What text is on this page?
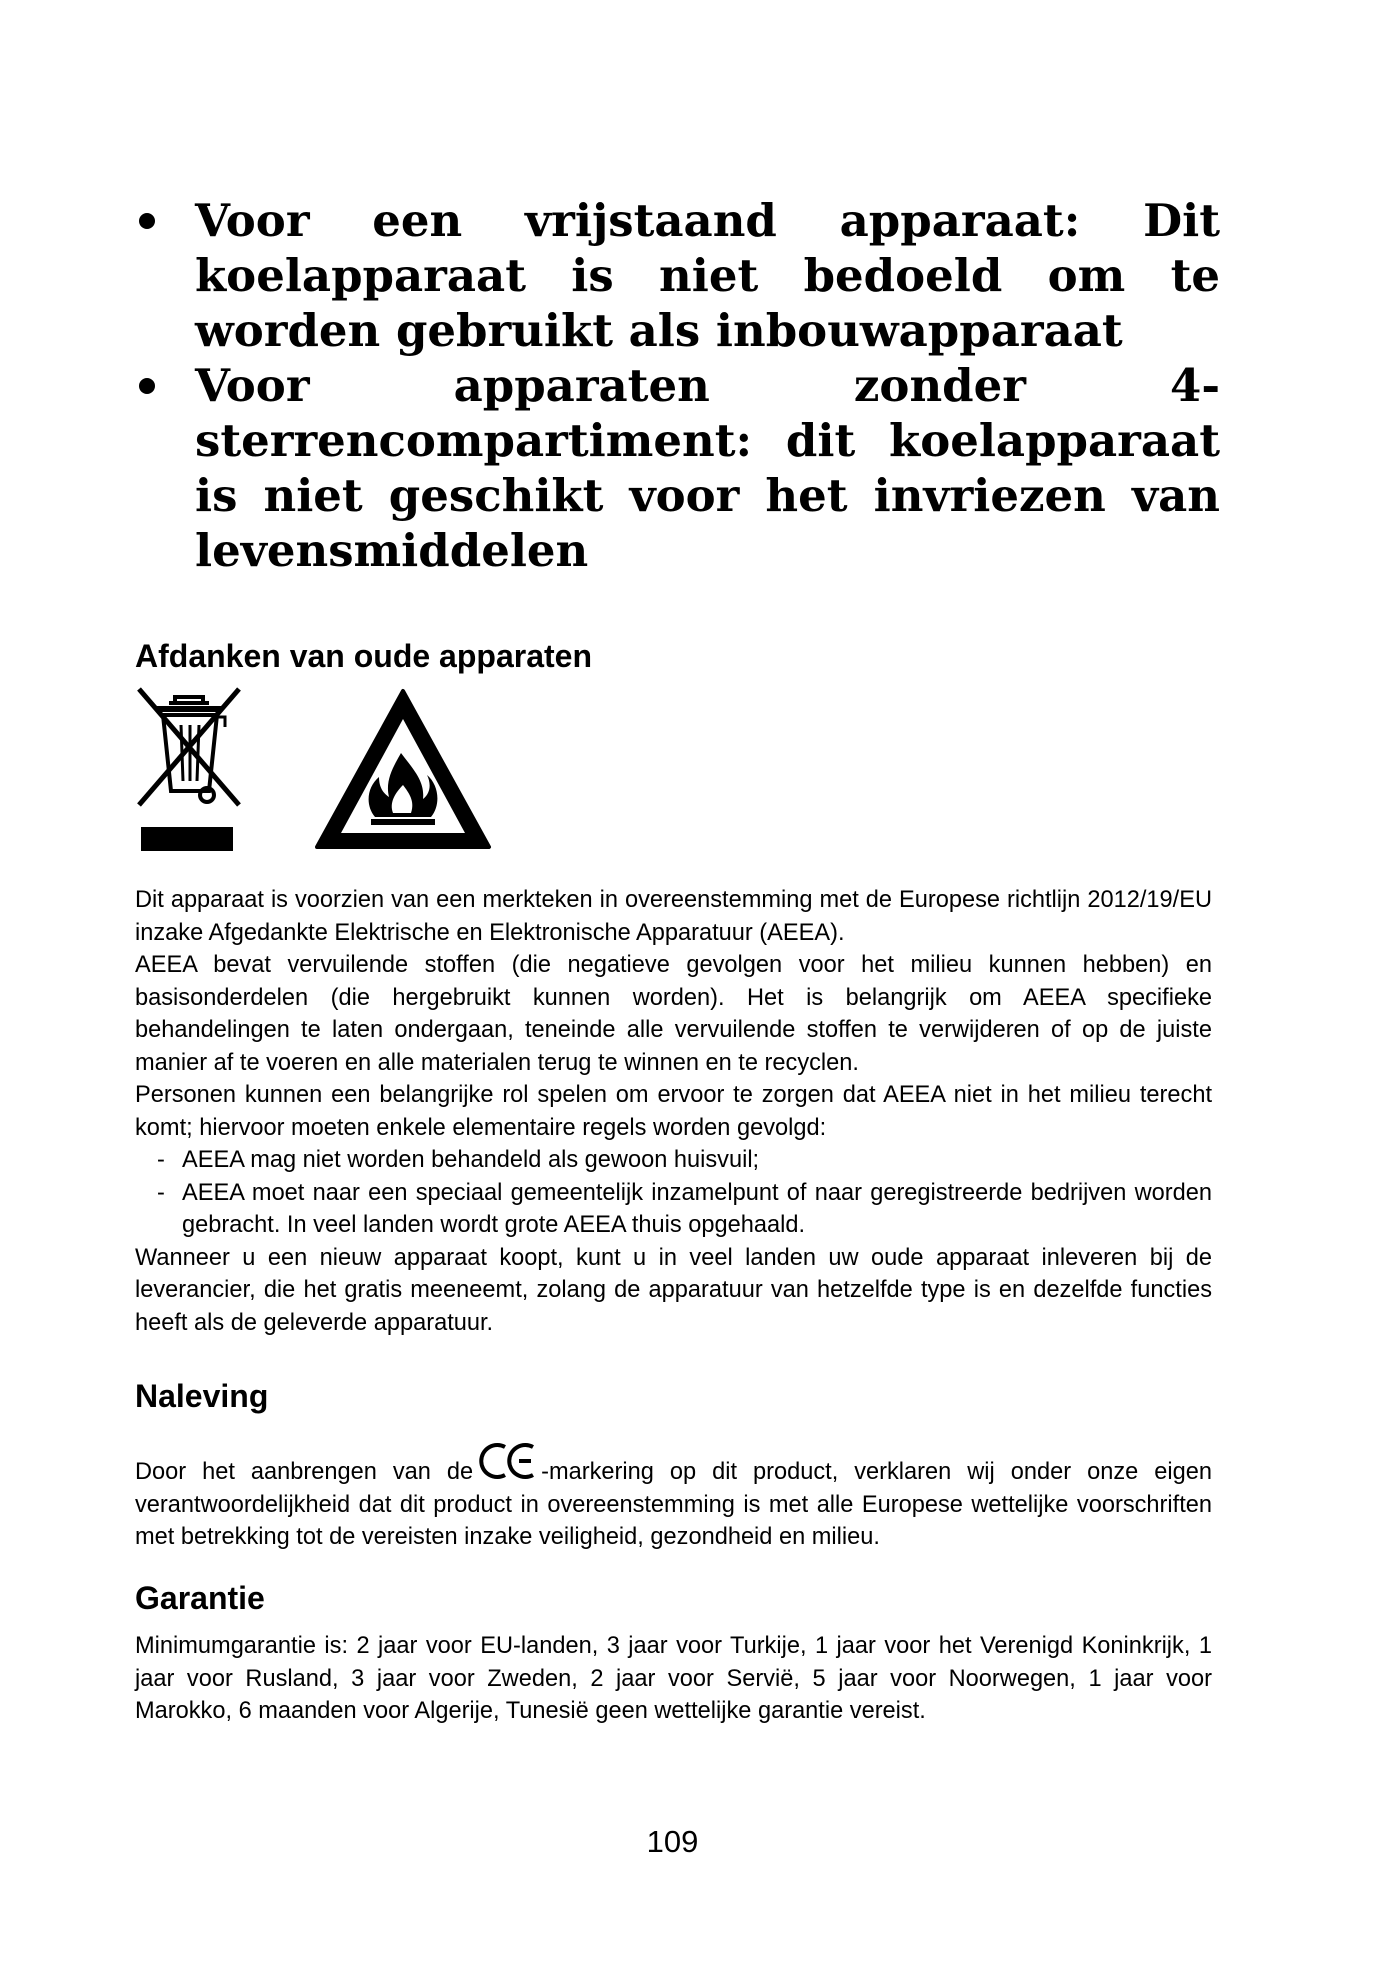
Voor een vrijstaand apparaat: Dit koelapparaat is niet bedoeld om te worden gebruikt als inbouwapparaat
Voor apparaten zonder 4-sterrencompartiment: dit koelapparaat is niet geschikt voor het invriezen van levensmiddelen
Afdanken van oude apparaten

Dit apparaat is voorzien van een merkteken in overeenstemming met de Europese richtlijn 2012/19/EU inzake Afgedankte Elektrische en Elektronische Apparatuur (AEEA).

AEEA bevat vervuilende stoffen (die negatieve gevolgen voor het milieu kunnen hebben) en basisonderdelen (die hergebruikt kunnen worden). Het is belangrijk om AEEA specifieke behandelingen te laten ondergaan, teneinde alle vervuilende stoffen te verwijderen of op de juiste manier af te voeren en alle materialen terug te winnen en te recyclen.

Personen kunnen een belangrijke rol spelen om ervoor te zorgen dat AEEA niet in het milieu terecht komt; hiervoor moeten enkele elementaire regels worden gevolgd:

- AEEA mag niet worden behandeld als gewoon huisvuil;
- AEEA moet naar een speciaal gemeentelijk inzamelpunt of naar geregistreerde bedrijven worden gebracht. In veel landen wordt grote AEEA thuis opgehaald.

Wanneer u een nieuw apparaat koopt, kunt u in veel landen uw oude apparaat inleveren bij de leverancier, die het gratis meeneemt, zolang de apparatuur van hetzelfde type is en dezelfde functies heeft als de geleverde apparatuur.

Naleving

Door het aanbrengen van de	-markering op dit product, verklaren wij onder onze eigen verantwoordelijkheid dat dit product in overeenstemming is met alle Europese wettelijke voorschriften met betrekking tot de vereisten inzake veiligheid, gezondheid en milieu.

Garantie

Minimumgarantie is: 2 jaar voor EU-landen, 3 jaar voor Turkije, 1 jaar voor het Verenigd Koninkrijk, 1 jaar voor Rusland, 3 jaar voor Zweden, 2 jaar voor Servië, 5 jaar voor Noorwegen, 1 jaar voor Marokko, 6 maanden voor Algerije, Tunesië geen wettelijke garantie vereist.

109
